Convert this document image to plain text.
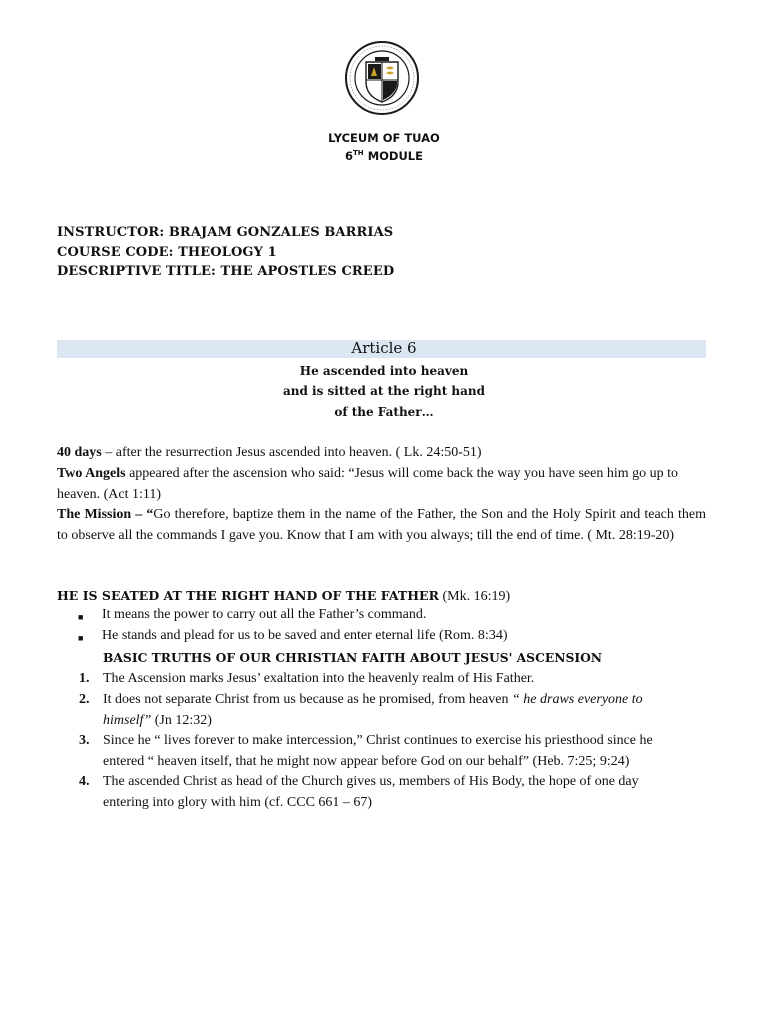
LYCEUM OF TUAO
6TH MODULE
INSTRUCTOR: BRAJAM GONZALES BARRIAS
COURSE CODE: THEOLOGY 1
DESCRIPTIVE TITLE: THE APOSTLES CREED
Article 6
He ascended into heaven
and is sitted at the right hand
of the Father…
40 days – after the resurrection Jesus ascended into heaven. ( Lk. 24:50-51)
Two Angels appeared after the ascension who said: “Jesus will come back the way you have seen him go up to heaven. (Act 1:11)
The Mission – “Go therefore, baptize them in the name of the Father, the Son and the Holy Spirit and teach them to observe all the commands I gave you. Know that I am with you always; till the end of time. ( Mt. 28:19-20)
HE IS SEATED AT THE RIGHT HAND OF THE FATHER (Mk. 16:19)
■ It means the power to carry out all the Father’s command.
■ He stands and plead for us to be saved and enter eternal life (Rom. 8:34)
BASIC TRUTHS OF OUR CHRISTIAN FAITH ABOUT JESUS' ASCENSION
1. The Ascension marks Jesus’ exaltation into the heavenly realm of His Father.
2. It does not separate Christ from us because as he promised, from heaven “ he draws everyone to himself” (Jn 12:32)
3. Since he “ lives forever to make intercession,” Christ continues to exercise his priesthood since he entered “ heaven itself, that he might now appear before God on our behalf” (Heb. 7:25; 9:24)
4. The ascended Christ as head of the Church gives us, members of His Body, the hope of one day entering into glory with him (cf. CCC 661 – 67)
